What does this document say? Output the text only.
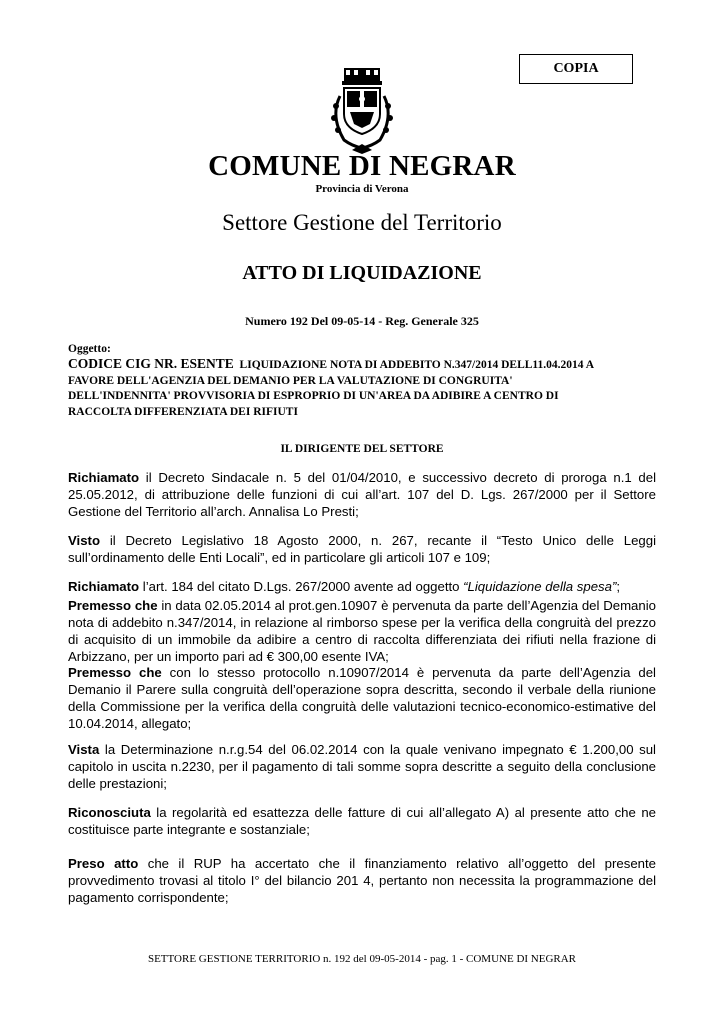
COPIA
COMUNE DI NEGRAR
Provincia di Verona
Settore Gestione del Territorio
ATTO DI LIQUIDAZIONE
Numero 192 Del 09-05-14 - Reg. Generale 325
Oggetto:
CODICE CIG NR. ESENTE LIQUIDAZIONE NOTA DI ADDEBITO N.347/2014 DELL11.04.2014 A
FAVORE DELL'AGENZIA DEL DEMANIO PER LA VALUTAZIONE DI CONGRUITA'
DELL'INDENNITA' PROVVISORIA DI ESPROPRIO DI UN'AREA DA ADIBIRE A CENTRO DI
RACCOLTA DIFFERENZIATA DEI RIFIUTI
IL DIRIGENTE DEL SETTORE
Richiamato il Decreto Sindacale n. 5 del 01/04/2010, e successivo decreto di proroga n.1 del 25.05.2012, di attribuzione delle funzioni di cui all’art. 107 del D. Lgs. 267/2000 per il Settore Gestione del Territorio all’arch. Annalisa Lo Presti;
Visto il Decreto Legislativo 18 Agosto 2000, n. 267, recante il “Testo Unico delle Leggi sull’ordinamento delle Enti Locali”, ed in particolare gli articoli 107 e 109;
Richiamato l’art. 184 del citato D.Lgs. 267/2000 avente ad oggetto “Liquidazione della spesa”;
Premesso che in data 02.05.2014 al prot.gen.10907 è pervenuta da parte dell’Agenzia del Demanio nota di addebito n.347/2014, in relazione al rimborso spese per la verifica della congruità del prezzo di acquisito di un immobile da adibire a centro di raccolta differenziata dei rifiuti nella frazione di Arbizzano, per un importo pari ad € 300,00 esente IVA;
Premesso che con lo stesso protocollo n.10907/2014 è pervenuta da parte dell’Agenzia del Demanio il Parere sulla congruità dell’operazione sopra descritta, secondo il verbale della riunione della Commissione per la verifica della congruità delle valutazioni tecnico-economico-estimative del 10.04.2014, allegato;
Vista la Determinazione n.r.g.54 del 06.02.2014 con la quale venivano impegnato € 1.200,00 sul capitolo in uscita n.2230, per il pagamento di tali somme sopra descritte a seguito della conclusione delle prestazioni;
Riconosciuta la regolarità ed esattezza delle fatture di cui all’allegato A) al presente atto che ne costituisce parte integrante e sostanziale;
Preso atto che il RUP ha accertato che il finanziamento relativo all’oggetto del presente provvedimento trovasi al titolo I° del bilancio 201 4, pertanto non necessita la programmazione del pagamento corrispondente;
SETTORE GESTIONE TERRITORIO n. 192 del 09-05-2014 - pag. 1 - COMUNE DI NEGRAR
